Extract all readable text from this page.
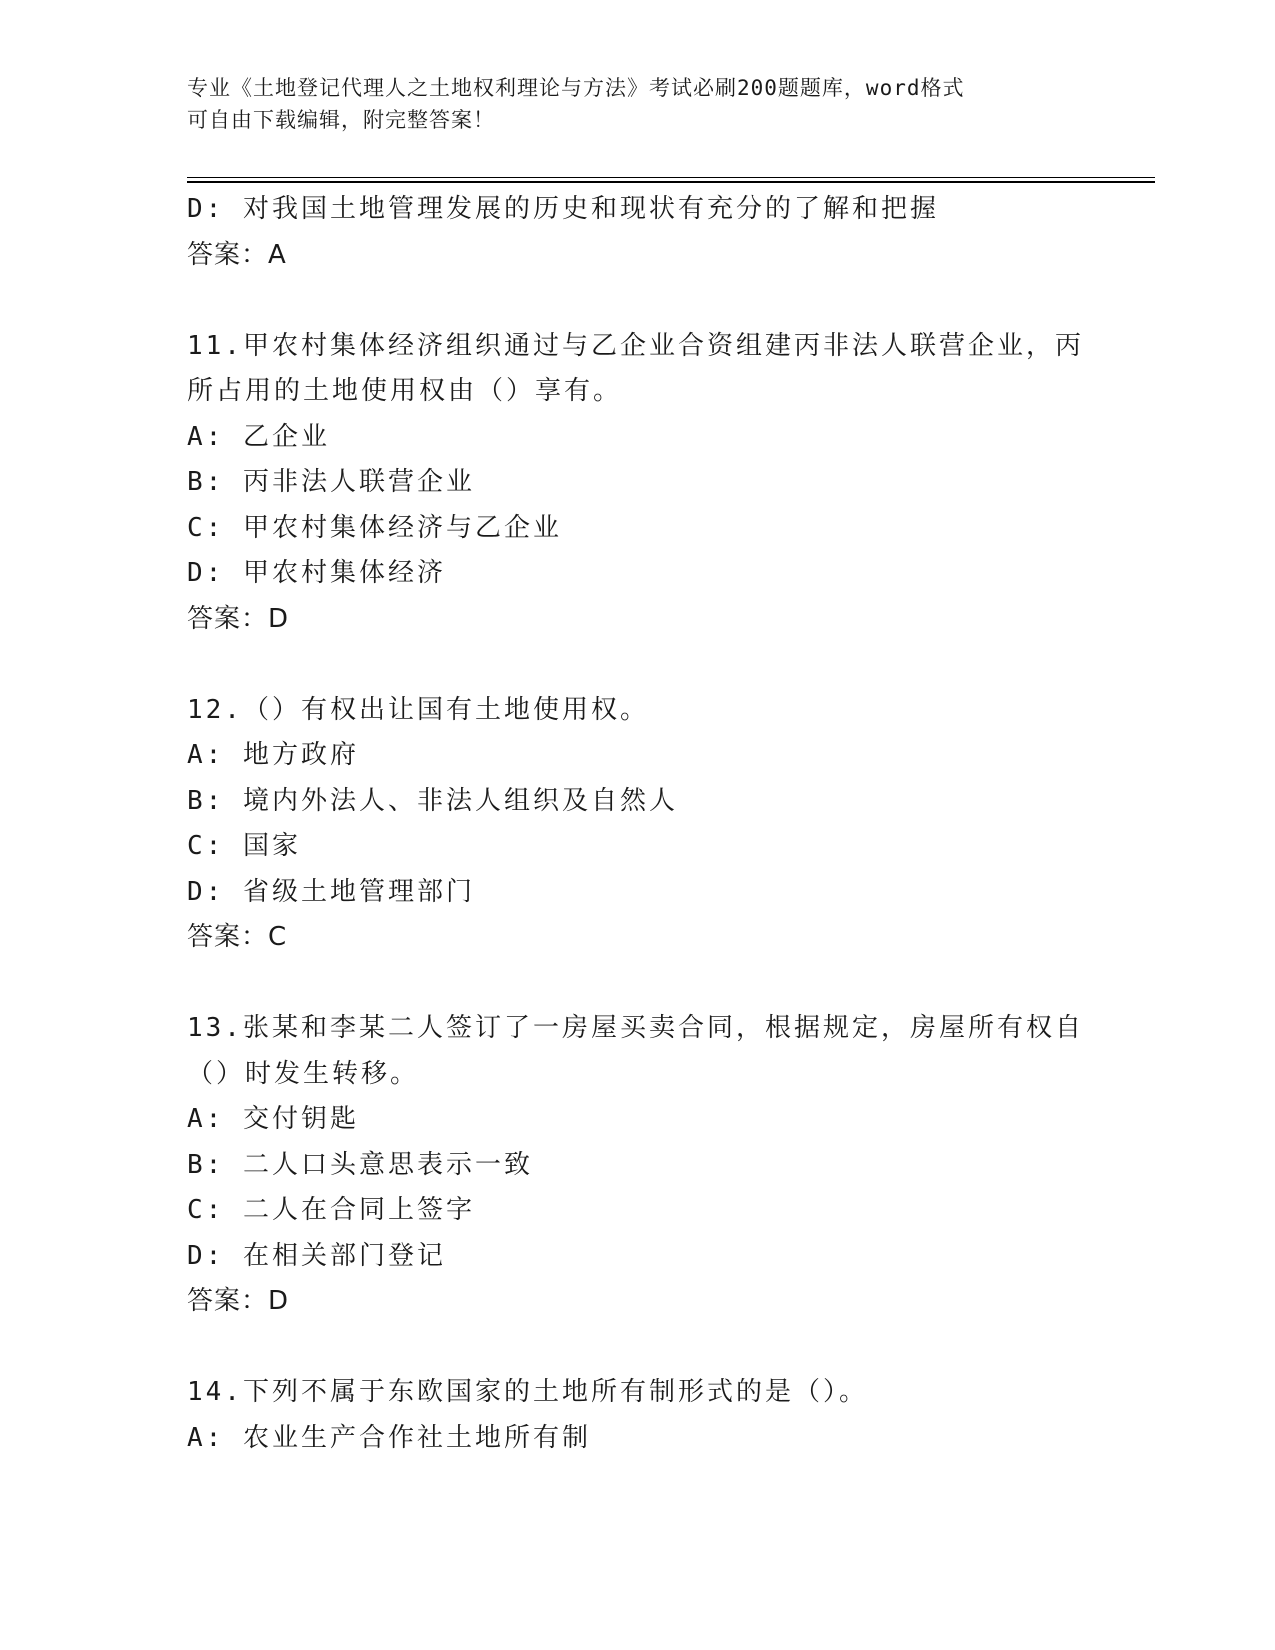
专业《土地登记代理人之土地权利理论与方法》考试必刷200题题库，word格式
可自由下载编辑，附完整答案！
D: 对我国土地管理发展的历史和现状有充分的了解和把握
答案：A
11.甲农村集体经济组织通过与乙企业合资组建丙非法人联营企业，丙
所占用的土地使用权由（）享有。
A: 乙企业
B: 丙非法人联营企业
C: 甲农村集体经济与乙企业
D: 甲农村集体经济
答案：D
12.（）有权出让国有土地使用权。
A: 地方政府
B: 境内外法人、非法人组织及自然人
C: 国家
D: 省级土地管理部门
答案：C
13.张某和李某二人签订了一房屋买卖合同，根据规定，房屋所有权自
（）时发生转移。
A: 交付钥匙
B: 二人口头意思表示一致
C: 二人在合同上签字
D: 在相关部门登记
答案：D
14.下列不属于东欧国家的土地所有制形式的是（）。
A: 农业生产合作社土地所有制
